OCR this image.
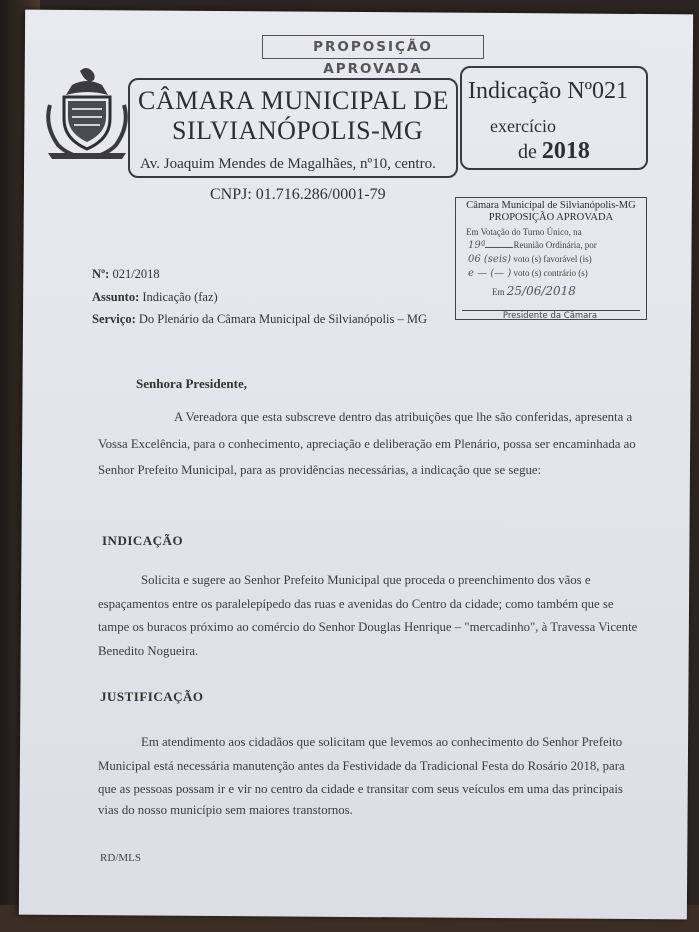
PROPOSIÇÃO APROVADA
CÂMARA MUNICIPAL DE
SILVIANÓPOLIS-MG
Av. Joaquim Mendes de Magalhães, nº10, centro.
Indicação Nº021
exercício
de 2018
CNPJ: 01.716.286/0001-79
Câmara Municipal de Silvianópolis-MG
PROPOSIÇÃO APROVADA
Em Votação do Turno Único, na
19ª	Reunião Ordinária, por
06 (seis) voto (s) favorável (is)
e — (— ) voto (s) contrário (s)
Em 25/06/2018
Presidente da Câmara
Nº: 021/2018
Assunto: Indicação (faz)
Serviço: Do Plenário da Câmara Municipal de Silvianópolis – MG
Senhora Presidente,
A Vereadora que esta subscreve dentro das atribuições que lhe são conferidas, apresenta a
Vossa Excelência, para o conhecimento, apreciação e deliberação em Plenário, possa ser encaminhada ao
Senhor Prefeito Municipal, para as providências necessárias, a indicação que se segue:
INDICAÇÃO
Solicita e sugere ao Senhor Prefeito Municipal que proceda o preenchimento dos vãos e
espaçamentos entre os paralelepípedo das ruas e avenidas do Centro da cidade; como também que se
tampe os buracos próximo ao comércio do Senhor Douglas Henrique – "mercadinho", à Travessa Vicente
Benedito Nogueira.
JUSTIFICAÇÃO
Em atendimento aos cidadãos que solicitam que levemos ao conhecimento do Senhor Prefeito
Municipal está necessária manutenção antes da Festividade da Tradicional Festa do Rosário 2018, para
que as pessoas possam ir e vir no centro da cidade e transitar com seus veículos em uma das principais
vias do nosso município sem maiores transtornos.
RD/MLS
